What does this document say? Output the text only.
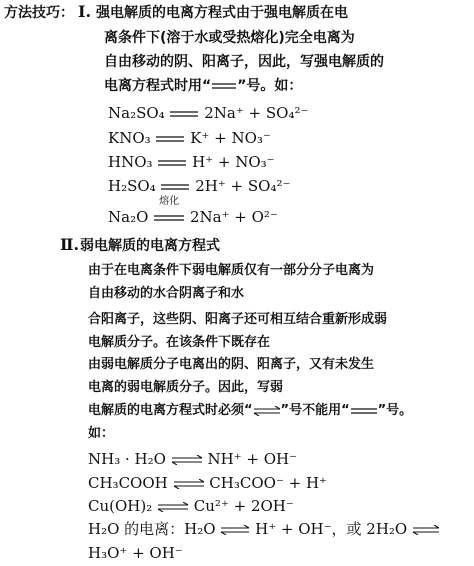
方法技巧： Ⅰ. 强电解质的电离方程式由于强电解质在电
离条件下(溶于水或受热熔化)完全电离为
自由移动的阴、阳离子，因此，写强电解质的
电离方程式时用“ ”号。如：
Na₂SO₄	2Na⁺ + SO₄²⁻
KNO₃	K⁺ + NO₃⁻
HNO₃	H⁺ + NO₃⁻
H₂SO₄	2H⁺ + SO₄²⁻
Na₂O
熔化
2Na⁺ + O²⁻
Ⅱ. 弱电解质的电离方程式
由于在电离条件下弱电解质仅有一部分分子电离为
自由移动的水合阴离子和水
合阳离子，这些阴、阳离子还可相互结合重新形成弱
电解质分子。在该条件下既存在
由弱电解质分子电离出的阴、阳离子，又有未发生
电离的弱电解质分子。因此，写弱
电解质的电离方程式时必须“⇌”号不能用“ ”号。
如：
NH₃ · H₂O ⇌ NH⁺ + OH⁻
CH₃COOH ⇌ CH₃COO⁻ + H⁺
Cu(OH)₂ ⇌ Cu²⁺ + 2OH⁻
H₂O 的电离：H₂O ⇌ H⁺ + OH⁻，或 2H₂O ⇌
H₃O⁺ + OH⁻
